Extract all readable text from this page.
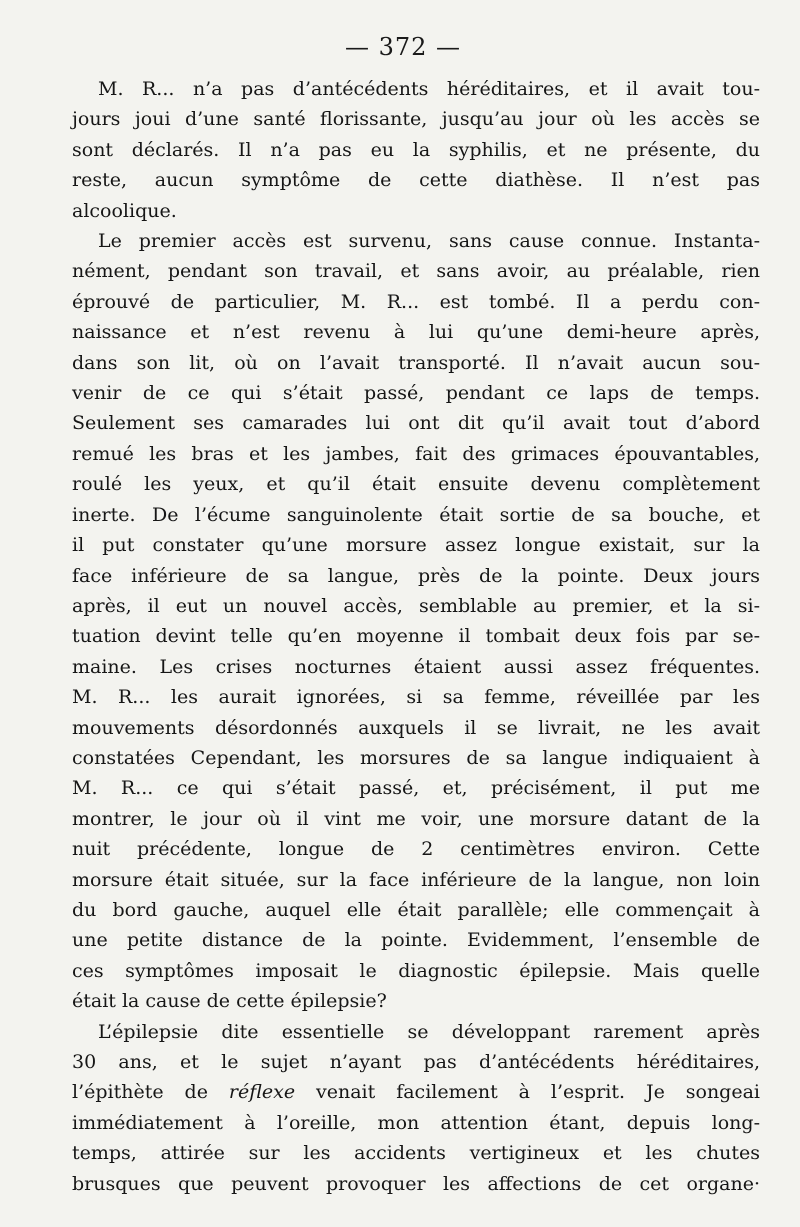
— 372 —
M. R... n’a pas d’antécédents héréditaires, et il avait tou-
jours joui d’une santé florissante, jusqu’au jour où les accès se
sont déclarés. Il n’a pas eu la syphilis, et ne présente, du
reste, aucun symptôme de cette diathèse. Il n’est pas
alcoolique.
Le premier accès est survenu, sans cause connue. Instanta-
nément, pendant son travail, et sans avoir, au préalable, rien
éprouvé de particulier, M. R... est tombé. Il a perdu con-
naissance et n’est revenu à lui qu’une demi-heure après,
dans son lit, où on l’avait transporté. Il n’avait aucun sou-
venir de ce qui s’était passé, pendant ce laps de temps.
Seulement ses camarades lui ont dit qu’il avait tout d’abord
remué les bras et les jambes, fait des grimaces épouvantables,
roulé les yeux, et qu’il était ensuite devenu complètement
inerte. De l’écume sanguinolente était sortie de sa bouche, et
il put constater qu’une morsure assez longue existait, sur la
face inférieure de sa langue, près de la pointe. Deux jours
après, il eut un nouvel accès, semblable au premier, et la si-
tuation devint telle qu’en moyenne il tombait deux fois par se-
maine. Les crises nocturnes étaient aussi assez fréquentes.
M. R... les aurait ignorées, si sa femme, réveillée par les
mouvements désordonnés auxquels il se livrait, ne les avait
constatées Cependant, les morsures de sa langue indiquaient à
M. R... ce qui s’était passé, et, précisément, il put me
montrer, le jour où il vint me voir, une morsure datant de la
nuit précédente, longue de 2 centimètres environ. Cette
morsure était située, sur la face inférieure de la langue, non loin
du bord gauche, auquel elle était parallèle; elle commençait à
une petite distance de la pointe. Evidemment, l’ensemble de
ces symptômes imposait le diagnostic épilepsie. Mais quelle
était la cause de cette épilepsie?
L’épilepsie dite essentielle se développant rarement après
30 ans, et le sujet n’ayant pas d’antécédents héréditaires,
l’épithète de réflexe venait facilement à l’esprit. Je songeai
immédiatement à l’oreille, mon attention étant, depuis long-
temps, attirée sur les accidents vertigineux et les chutes
brusques que peuvent provoquer les affections de cet organe·
